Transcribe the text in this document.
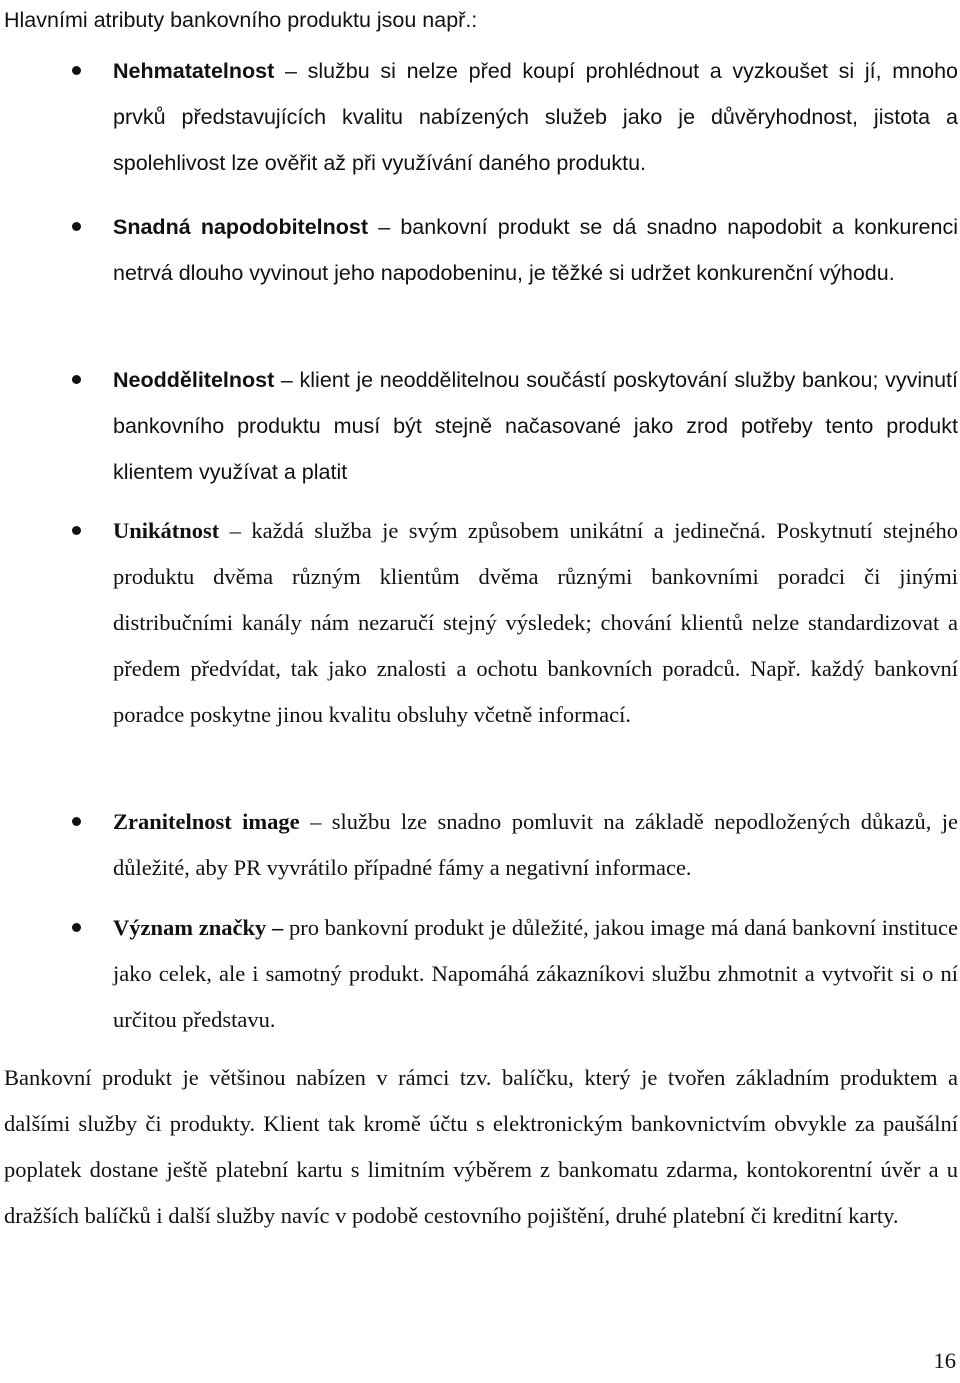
Hlavními atributy bankovního produktu jsou např.:
Nehmatatelnost – službu si nelze před koupí prohlédnout a vyzkoušet si jí, mnoho prvků představujících kvalitu nabízených služeb jako je důvěryhodnost, jistota a spolehlivost lze ověřit až při využívání daného produktu.
Snadná napodobitelnost – bankovní produkt se dá snadno napodobit a konkurenci netrvá dlouho vyvinout jeho napodobeninu, je těžké si udržet konkurenční výhodu.
Neoddělitelnost – klient je neoddělitelnou součástí poskytování služby bankou; vyvinutí bankovního produktu musí být stejně načasované jako zrod potřeby tento produkt klientem využívat a platit
Unikátnost – každá služba je svým způsobem unikátní a jedinečná. Poskytnutí stejného produktu dvěma různým klientům dvěma různými bankovními poradci či jinými distribučními kanály nám nezaručí stejný výsledek; chování klientů nelze standardizovat a předem předvídat, tak jako znalosti a ochotu bankovních poradců. Např. každý bankovní poradce poskytne jinou kvalitu obsluhy včetně informací.
Zranitelnost image – službu lze snadno pomluvit na základě nepodložených důkazů, je důležité, aby PR vyvrátilo případné fámy a negativní informace.
Význam značky – pro bankovní produkt je důležité, jakou image má daná bankovní instituce jako celek, ale i samotný produkt. Napomáhá zákazníkovi službu zhmotnit a vytvořit si o ní určitou představu.

Bankovní produkt je většinou nabízen v rámci tzv. balíčku, který je tvořen základním produktem a dalšími služby či produkty. Klient tak kromě účtu s elektronickým bankovnictvím obvykle za paušální poplatek dostane ještě platební kartu s limitním výběrem z bankomatu zdarma, kontokorentní úvěr a u dražších balíčků i další služby navíc v podobě cestovního pojištění, druhé platební či kreditní karty.

16
